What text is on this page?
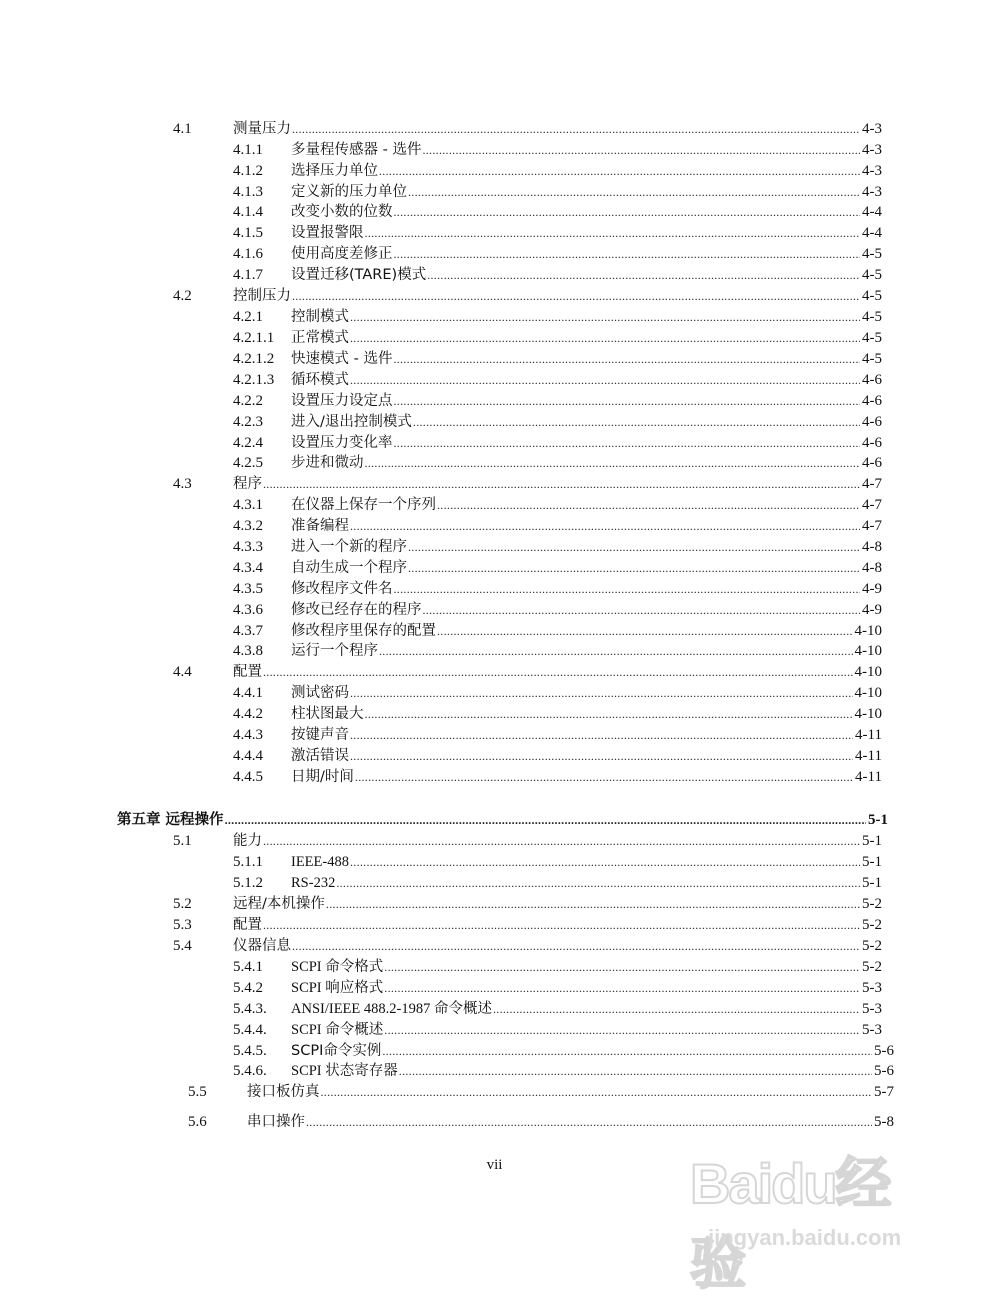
4.1	测量压力 .....	4-3
4.1.1	多量程传感器 - 选件 .....	4-3
4.1.2	选择压力单位 .....	4-3
4.1.3	定义新的压力单位 .....	4-3
4.1.4	改变小数的位数 .....	4-4
4.1.5	设置报警限 .....	4-4
4.1.6	使用高度差修正 .....	4-5
4.1.7	设置迁移(TARE)模式 .....	4-5
4.2	控制压力 .....	4-5
4.2.1	控制模式 .....	4-5
4.2.1.1	正常模式 .....	4-5
4.2.1.2	快速模式 - 选件 .....	4-5
4.2.1.3	循环模式 .....	4-6
4.2.2	设置压力设定点 .....	4-6
4.2.3	进入/退出控制模式 .....	4-6
4.2.4	设置压力变化率 .....	4-6
4.2.5	步进和微动 .....	4-6
4.3	程序 .....	4-7
4.3.1	在仪器上保存一个序列 .....	4-7
4.3.2	准备编程 .....	4-7
4.3.3	进入一个新的程序 .....	4-8
4.3.4	自动生成一个程序 .....	4-8
4.3.5	修改程序文件名 .....	4-9
4.3.6	修改已经存在的程序 .....	4-9
4.3.7	修改程序里保存的配置 .....	4-10
4.3.8	运行一个程序 .....	4-10
4.4	配置 .....	4-10
4.4.1	测试密码 .....	4-10
4.4.2	柱状图最大 .....	4-10
4.4.3	按键声音 .....	4-11
4.4.4	激活错误 .....	4-11
4.4.5	日期/时间 .....	4-11
第五章 远程操作 .....	5-1
5.1	能力 .....	5-1
5.1.1	IEEE-488 .....	5-1
5.1.2	RS-232 .....	5-1
5.2	远程/本机操作 .....	5-2
5.3	配置 .....	5-2
5.4	仪器信息 .....	5-2
5.4.1	SCPI 命令格式 .....	5-2
5.4.2	SCPI 响应格式 .....	5-3
5.4.3.	ANSI/IEEE 488.2-1987 命令概述 .....	5-3
5.4.4.	SCPI 命令概述 .....	5-3
5.4.5.	SCPI命令实例 .....	5-6
5.4.6.	SCPI 状态寄存器 .....	5-6
5.5	接口板仿真 .....	5-7
5.6	串口操作 .....	5-8
vii	Baidu经验
jingyan.baidu.com
